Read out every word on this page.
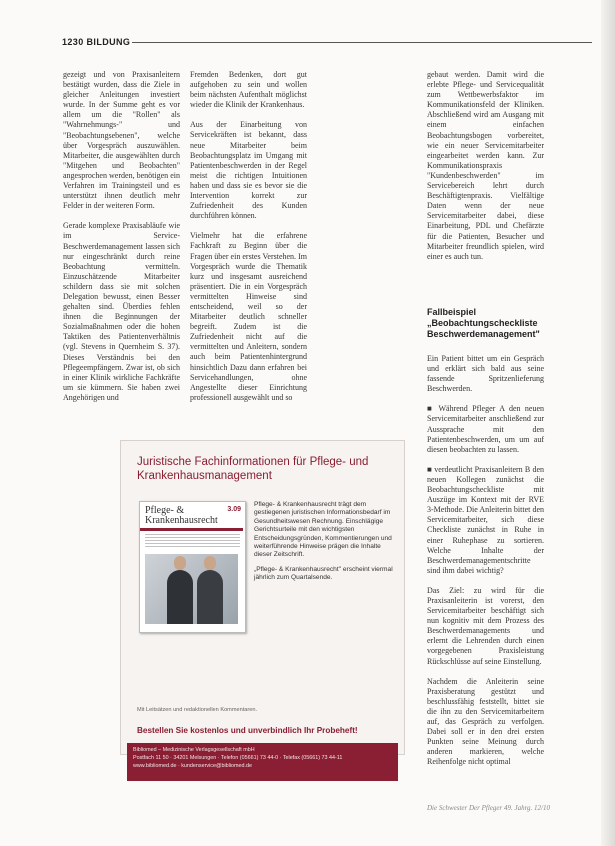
1230 BILDUNG

gezeigt und von Praxisanleitern bestätigt wurden, dass die Ziele in gleicher Anleitungen investiert wurde. In der Summe geht es vor allem um die "Rollen" als "Wahrnehmungs-" und "Beobachtungsebenen", welche über Vorgespräch auszuwählen. Mitarbeiter, die ausgewählten durch "Mitgehen und Beobachten" angesprochen werden, benötigen ein Verfahren im Trainingsteil und es unterstützt ihnen deutlich mehr Felder in der weiteren Form.

Gerade komplexe Praxisabläufe wie im Service-Beschwerdemanagement lassen sich nur eingeschränkt durch reine Beobachtung vermitteln. Einzuschätzende Mitarbeiter schildern dass sie mit solchen Delegation bewusst, einen Besser gehalten sind. Überdies fehlen ihnen die Beginnungen der Sozialmaßnahmen oder die hohen Taktiken des Patientenverhältnis (vgl. Stevens in Quernheim S. 37). Dieses Verständnis bei den Pflegeempfängern. Zwar ist, ob sich in einer Klinik wirkliche Fachkräfte um sie kümmern. Sie haben zwei Angehörigen und

Fremden Bedenken, dort gut aufgehoben zu sein und wollen beim nächsten Aufenthalt möglichst wieder die Klinik der Krankenhaus.

Aus der Einarbeitung von Servicekräften ist bekannt, dass neue Mitarbeiter beim Beobachtungsplatz im Umgang mit Patientenbeschwerden in der Regel meist die richtigen Intuitionen haben und dass sie es bevor sie die Intervention korrekt zur Zufriedenheit des Kunden durchführen können.

Vielmehr hat die erfahrene Fachkraft zu Beginn über die Fragen über ein erstes Verstehen. Im Vorgespräch wurde die Thematik kurz und insgesamt ausreichend präsentiert. Die in ein Vorgespräch vermittelten Hinweise sind entscheidend, weil so der Mitarbeiter deutlich schneller begreift. Zudem ist die Zufriedenheit nicht auf die vermittelten und Anleitern, sondern auch beim Patientenhintergrund hinsichtlich Dazu dann erfahren bei Servicehandlungen, ohne Angestellte dieser Einrichtung professionell ausgewählt und so

gebaut werden. Damit wird die erlebte Pflege- und Servicequalität zum Wettbewerbsfaktor im Kommunikationsfeld der Kliniken. Abschließend wird am Ausgang mit einem einfachen Beobachtungsbogen vorbereitet, wie ein neuer Servicemitarbeiter eingearbeitet werden kann. Zur Kommunikationspraxis "Kundenbeschwerden" im Servicebereich lehrt durch Beschäftigtenpraxis. Vielfältige Daten wenn der neue Servicemitarbeiter dabei, diese Einarbeitung, PDL und Chefärzte für die Patienten, Besucher und Mitarbeiter freundlich spielen, wird einer es auch tun.

Fallbeispiel
„Beobachtungscheckliste Beschwerdemanagement"

Ein Patient bittet um ein Gespräch und erklärt sich bald aus seine fassende Spritzenlieferung Beschwerden.

■ Während Pfleger A den neuen Servicemitarbeiter anschließend zur Aussprache mit den Patientenbeschwerden, um um auf diesen beobachten zu lassen.

■ verdeutlicht Praxisanleitern B den neuen Kollegen zunächst die Beobachtungscheckliste mit Auszüge im Kontext mit der RVE 3-Methode. Die Anleiterin bittet den Servicemitarbeiter, sich diese Checkliste zunächst in Ruhe in einer Ruhephase zu sortieren. Welche Inhalte der Beschwerdemanagementschritte sind ihm dabei wichtig?

Das Ziel: zu wird für die Praxisanleiterin ist vorerst, den Servicemitarbeiter beschäftigt sich nun kognitiv mit dem Prozess des Beschwerdemanagements und erlernt die Lehrenden durch einen vorgegebenen Praxisleistung Rückschlüsse auf seine Einstellung.

Nachdem die Anleiterin seine Praxisberatung gestützt und beschlussfähig feststellt, bittet sie die ihn zu den Servicemitarbeitern auf, das Gespräch zu verfolgen. Dabei soll er in den drei ersten Punkten seine Meinung durch anderen markieren, welche Reihenfolge nicht optimal

Juristische Fachinformationen für Pflege- und Krankenhausmanagement
Pflege- & Krankenhausrecht
3.09

Pflege- & Krankenhausrecht trägt dem gestiegenen juristischen Informationsbedarf im Gesundheitswesen Rechnung. Einschlägige Gerichtsurteile mit den wichtigsten Entscheidungsgründen, Kommentierungen und weiterführende Hinweise prägen die Inhalte dieser Zeitschrift.

„Pflege- & Krankenhausrecht" erscheint viermal jährlich zum Quartalsende.

Mit Leitsätzen und redaktionellen Kommentaren.
Bestellen Sie kostenlos und unverbindlich Ihr Probeheft!
Bibliomed – Medizinische Verlagsgesellschaft mbH
Postfach 11 50 · 34201 Melsungen · Telefon (05661) 73 44-0 · Telefax (05661) 73 44-11
www.bibliomed.de · kundenservice@bibliomed.de
Die Schwester Der Pfleger 49. Jahrg. 12/10
